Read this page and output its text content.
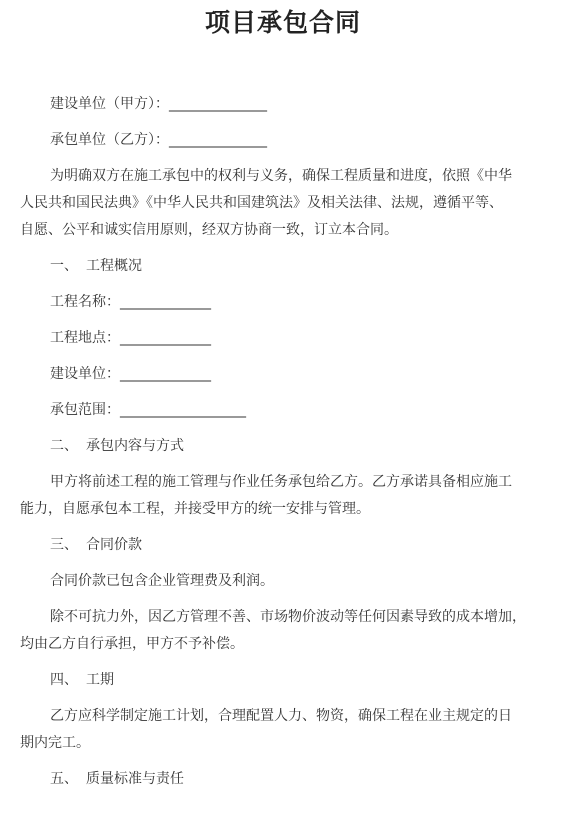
项目承包合同
建设单位（甲方）：______________
承包单位（乙方）：______________
为明确双方在施工承包中的权利与义务，确保工程质量和进度，依照《中华
人民共和国民法典》《中华人民共和国建筑法》及相关法律、法规，遵循平等、
自愿、公平和诚实信用原则，经双方协商一致，订立本合同。
一、 工程概况
工程名称：_____________
工程地点：_____________
建设单位：_____________
承包范围：__________________
二、 承包内容与方式
甲方将前述工程的施工管理与作业任务承包给乙方。乙方承诺具备相应施工
能力，自愿承包本工程，并接受甲方的统一安排与管理。
三、 合同价款
合同价款已包含企业管理费及利润。
除不可抗力外，因乙方管理不善、市场物价波动等任何因素导致的成本增加，
均由乙方自行承担，甲方不予补偿。
四、 工期
乙方应科学制定施工计划，合理配置人力、物资，确保工程在业主规定的日
期内完工。
五、 质量标准与责任
